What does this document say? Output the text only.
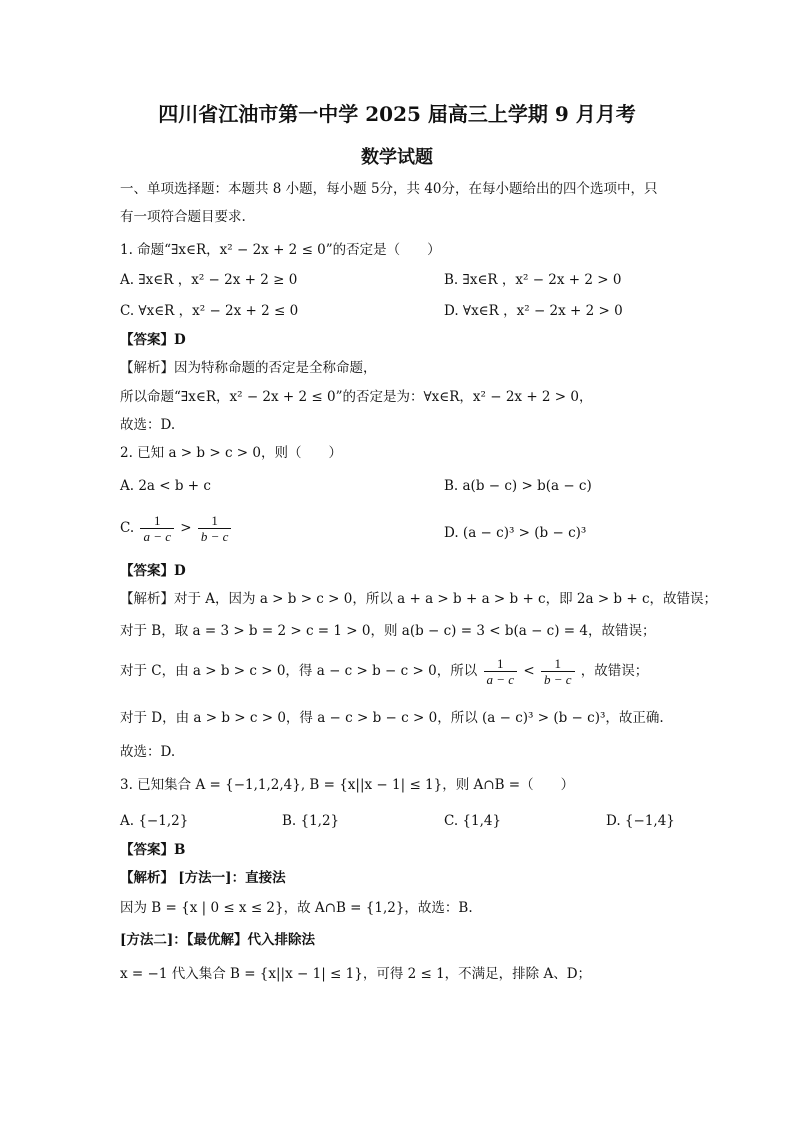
四川省江油市第一中学 2025 届高三上学期 9 月月考
数学试题
一、单项选择题：本题共 8 小题，每小题 5分，共 40分，在每小题给出的四个选项中，只
有一项符合题目要求.
1. 命题“∃x∈R，x² − 2x + 2 ≤ 0”的否定是（　　）
A. ∃x∈R ，x² − 2x + 2 ≥ 0	B. ∃x∈R ，x² − 2x + 2 > 0
C. ∀x∈R ，x² − 2x + 2 ≤ 0	D. ∀x∈R ，x² − 2x + 2 > 0
【答案】D
【解析】因为特称命题的否定是全称命题，
所以命题“∃x∈R，x² − 2x + 2 ≤ 0”的否定是为：∀x∈R，x² − 2x + 2 > 0，
故选：D.
2. 已知 a > b > c > 0，则（　　）
A. 2a < b + c	B. a(b − c) > b(a − c)
C. $\frac{1}{a - c} > \frac{1}{b - c}$	D. (a − c)³ > (b − c)³
【答案】D
【解析】对于 A，因为 a > b > c > 0，所以 a + a > b + a > b + c，即 2a > b + c，故错误；
对于 B，取 a = 3 > b = 2 > c = 1 > 0，则 a(b − c) = 3 < b(a − c) = 4，故错误；
对于 C，由 a > b > c > 0，得 a − c > b − c > 0，所以 $\frac{1}{a - c} < \frac{1}{b - c}$ ，故错误；
对于 D，由 a > b > c > 0，得 a − c > b − c > 0，所以 (a − c)³ > (b − c)³，故正确.
故选：D.
3. 已知集合 A = {−1,1,2,4}, B = {x||x − 1| ≤ 1}，则 A∩B =（　　）
A. {−1,2}	B. {1,2}	C. {1,4}	D. {−1,4}
【答案】B
【解析】 [方法一]：直接法
因为 B = {x | 0 ≤ x ≤ 2}，故 A∩B = {1,2}，故选：B.
[方法二]：【最优解】代入排除法
x = −1 代入集合 B = {x||x − 1| ≤ 1}，可得 2 ≤ 1，不满足，排除 A、D；
